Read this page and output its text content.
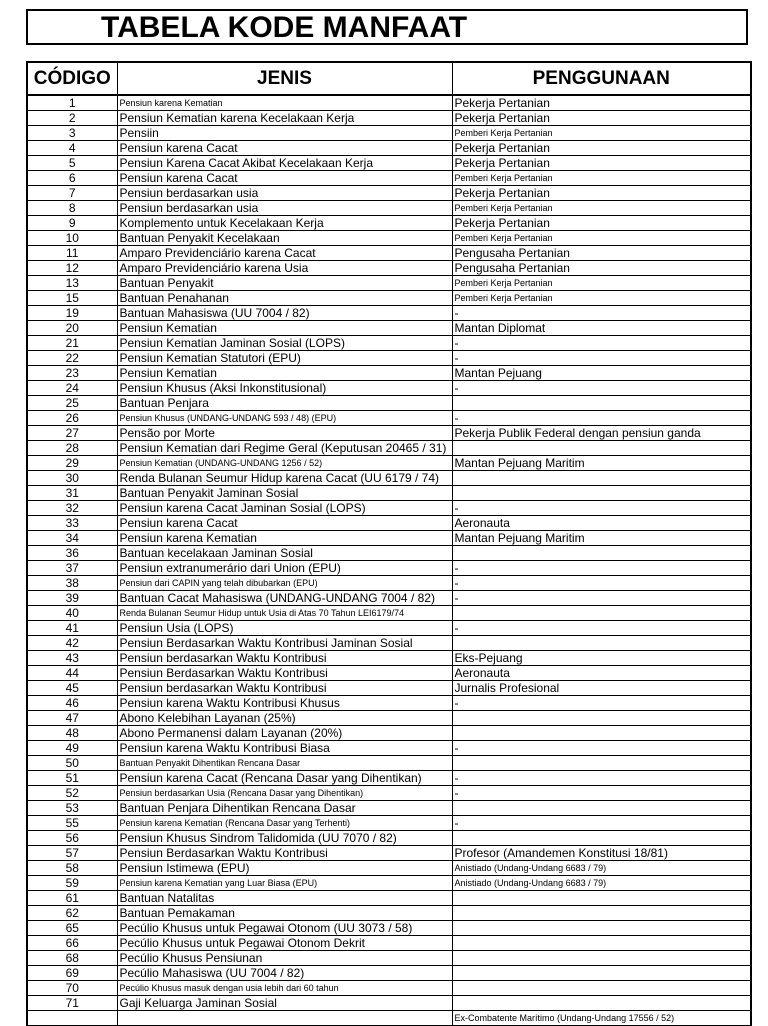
TABELA KODE MANFAAT
CÓDIGO	JENIS	PENGGUNAAN
1	Pensiun karena Kematian	Pekerja Pertanian
2	Pensiun Kematian karena Kecelakaan Kerja	Pekerja Pertanian
3	Pensiin	Pemberi Kerja Pertanian
4	Pensiun karena Cacat	Pekerja Pertanian
5	Pensiun Karena Cacat Akibat Kecelakaan Kerja	Pekerja Pertanian
6	Pensiun karena Cacat	Pemberi Kerja Pertanian
7	Pensiun berdasarkan usia	Pekerja Pertanian
8	Pensiun berdasarkan usia	Pemberi Kerja Pertanian
9	Komplemento untuk Kecelakaan Kerja	Pekerja Pertanian
10	Bantuan Penyakit Kecelakaan	Pemberi Kerja Pertanian
11	Amparo Previdenciário karena Cacat	Pengusaha Pertanian
12	Amparo Previdenciário karena Usia	Pengusaha Pertanian
13	Bantuan Penyakit	Pemberi Kerja Pertanian
15	Bantuan Penahanan	Pemberi Kerja Pertanian
19	Bantuan Mahasiswa (UU 7004 / 82)	-
20	Pensiun Kematian	Mantan Diplomat
21	Pensiun Kematian Jaminan Sosial (LOPS)	-
22	Pensiun Kematian Statutori (EPU)	-
23	Pensiun Kematian	Mantan Pejuang
24	Pensiun Khusus (Aksi Inkonstitusional)	-
25	Bantuan Penjara	
26	Pensiun Khusus (UNDANG-UNDANG 593 / 48) (EPU)	-
27	Pensão por Morte	Pekerja Publik Federal dengan pensiun ganda
28	Pensiun Kematian dari Regime Geral (Keputusan 20465 / 31)	
29	Pensiun Kematian (UNDANG-UNDANG 1256 / 52)	Mantan Pejuang Maritim
30	Renda Bulanan Seumur Hidup karena Cacat (UU 6179 / 74)	
31	Bantuan Penyakit Jaminan Sosial	
32	Pensiun karena Cacat Jaminan Sosial (LOPS)	-
33	Pensiun karena Cacat	Aeronauta
34	Pensiun karena Kematian	Mantan Pejuang Maritim
36	Bantuan kecelakaan Jaminan Sosial	
37	Pensiun extranumerário dari Union (EPU)	-
38	Pensiun dari CAPIN yang telah dibubarkan (EPU)	-
39	Bantuan Cacat Mahasiswa (UNDANG-UNDANG 7004 / 82)	-
40	Renda Bulanan Seumur Hidup untuk Usia di Atas 70 Tahun LEI6179/74	
41	Pensiun Usia (LOPS)	-
42	Pensiun Berdasarkan Waktu Kontribusi Jaminan Sosial	
43	Pensiun berdasarkan Waktu Kontribusi	Eks-Pejuang
44	Pensiun Berdasarkan Waktu Kontribusi	Aeronauta
45	Pensiun berdasarkan Waktu Kontribusi	Jurnalis Profesional
46	Pensiun karena Waktu Kontribusi Khusus	-
47	Abono Kelebihan Layanan (25%)	
48	Abono Permanensi dalam Layanan (20%)	
49	Pensiun karena Waktu Kontribusi Biasa	-
50	Bantuan Penyakit Dihentikan Rencana Dasar	
51	Pensiun karena Cacat (Rencana Dasar yang Dihentikan)	-
52	Pensiun berdasarkan Usia (Rencana Dasar yang Dihentikan)	-
53	Bantuan Penjara Dihentikan Rencana Dasar	
55	Pensiun karena Kematian (Rencana Dasar yang Terhenti)	-
56	Pensiun Khusus Sindrom Talidomida (UU 7070 / 82)	
57	Pensiun Berdasarkan Waktu Kontribusi	Profesor (Amandemen Konstitusi 18/81)
58	Pensiun Istimewa (EPU)	Anistiado (Undang-Undang 6683 / 79)
59	Pensiun karena Kematian yang Luar Biasa (EPU)	Anistiado (Undang-Undang 6683 / 79)
61	Bantuan Natalitas	
62	Bantuan Pemakaman	
65	Pecúlio Khusus untuk Pegawai Otonom (UU 3073 / 58)	
66	Pecúlio Khusus untuk Pegawai Otonom Dekrit	
68	Pecúlio Khusus Pensiunan	
69	Pecúlio Mahasiswa (UU 7004 / 82)	
70	Pecúlio Khusus masuk dengan usia lebih dari 60 tahun	
71	Gaji Keluarga Jaminan Sosial	
		Ex-Combatente Marítimo (Undang-Undang 17556 / 52)
